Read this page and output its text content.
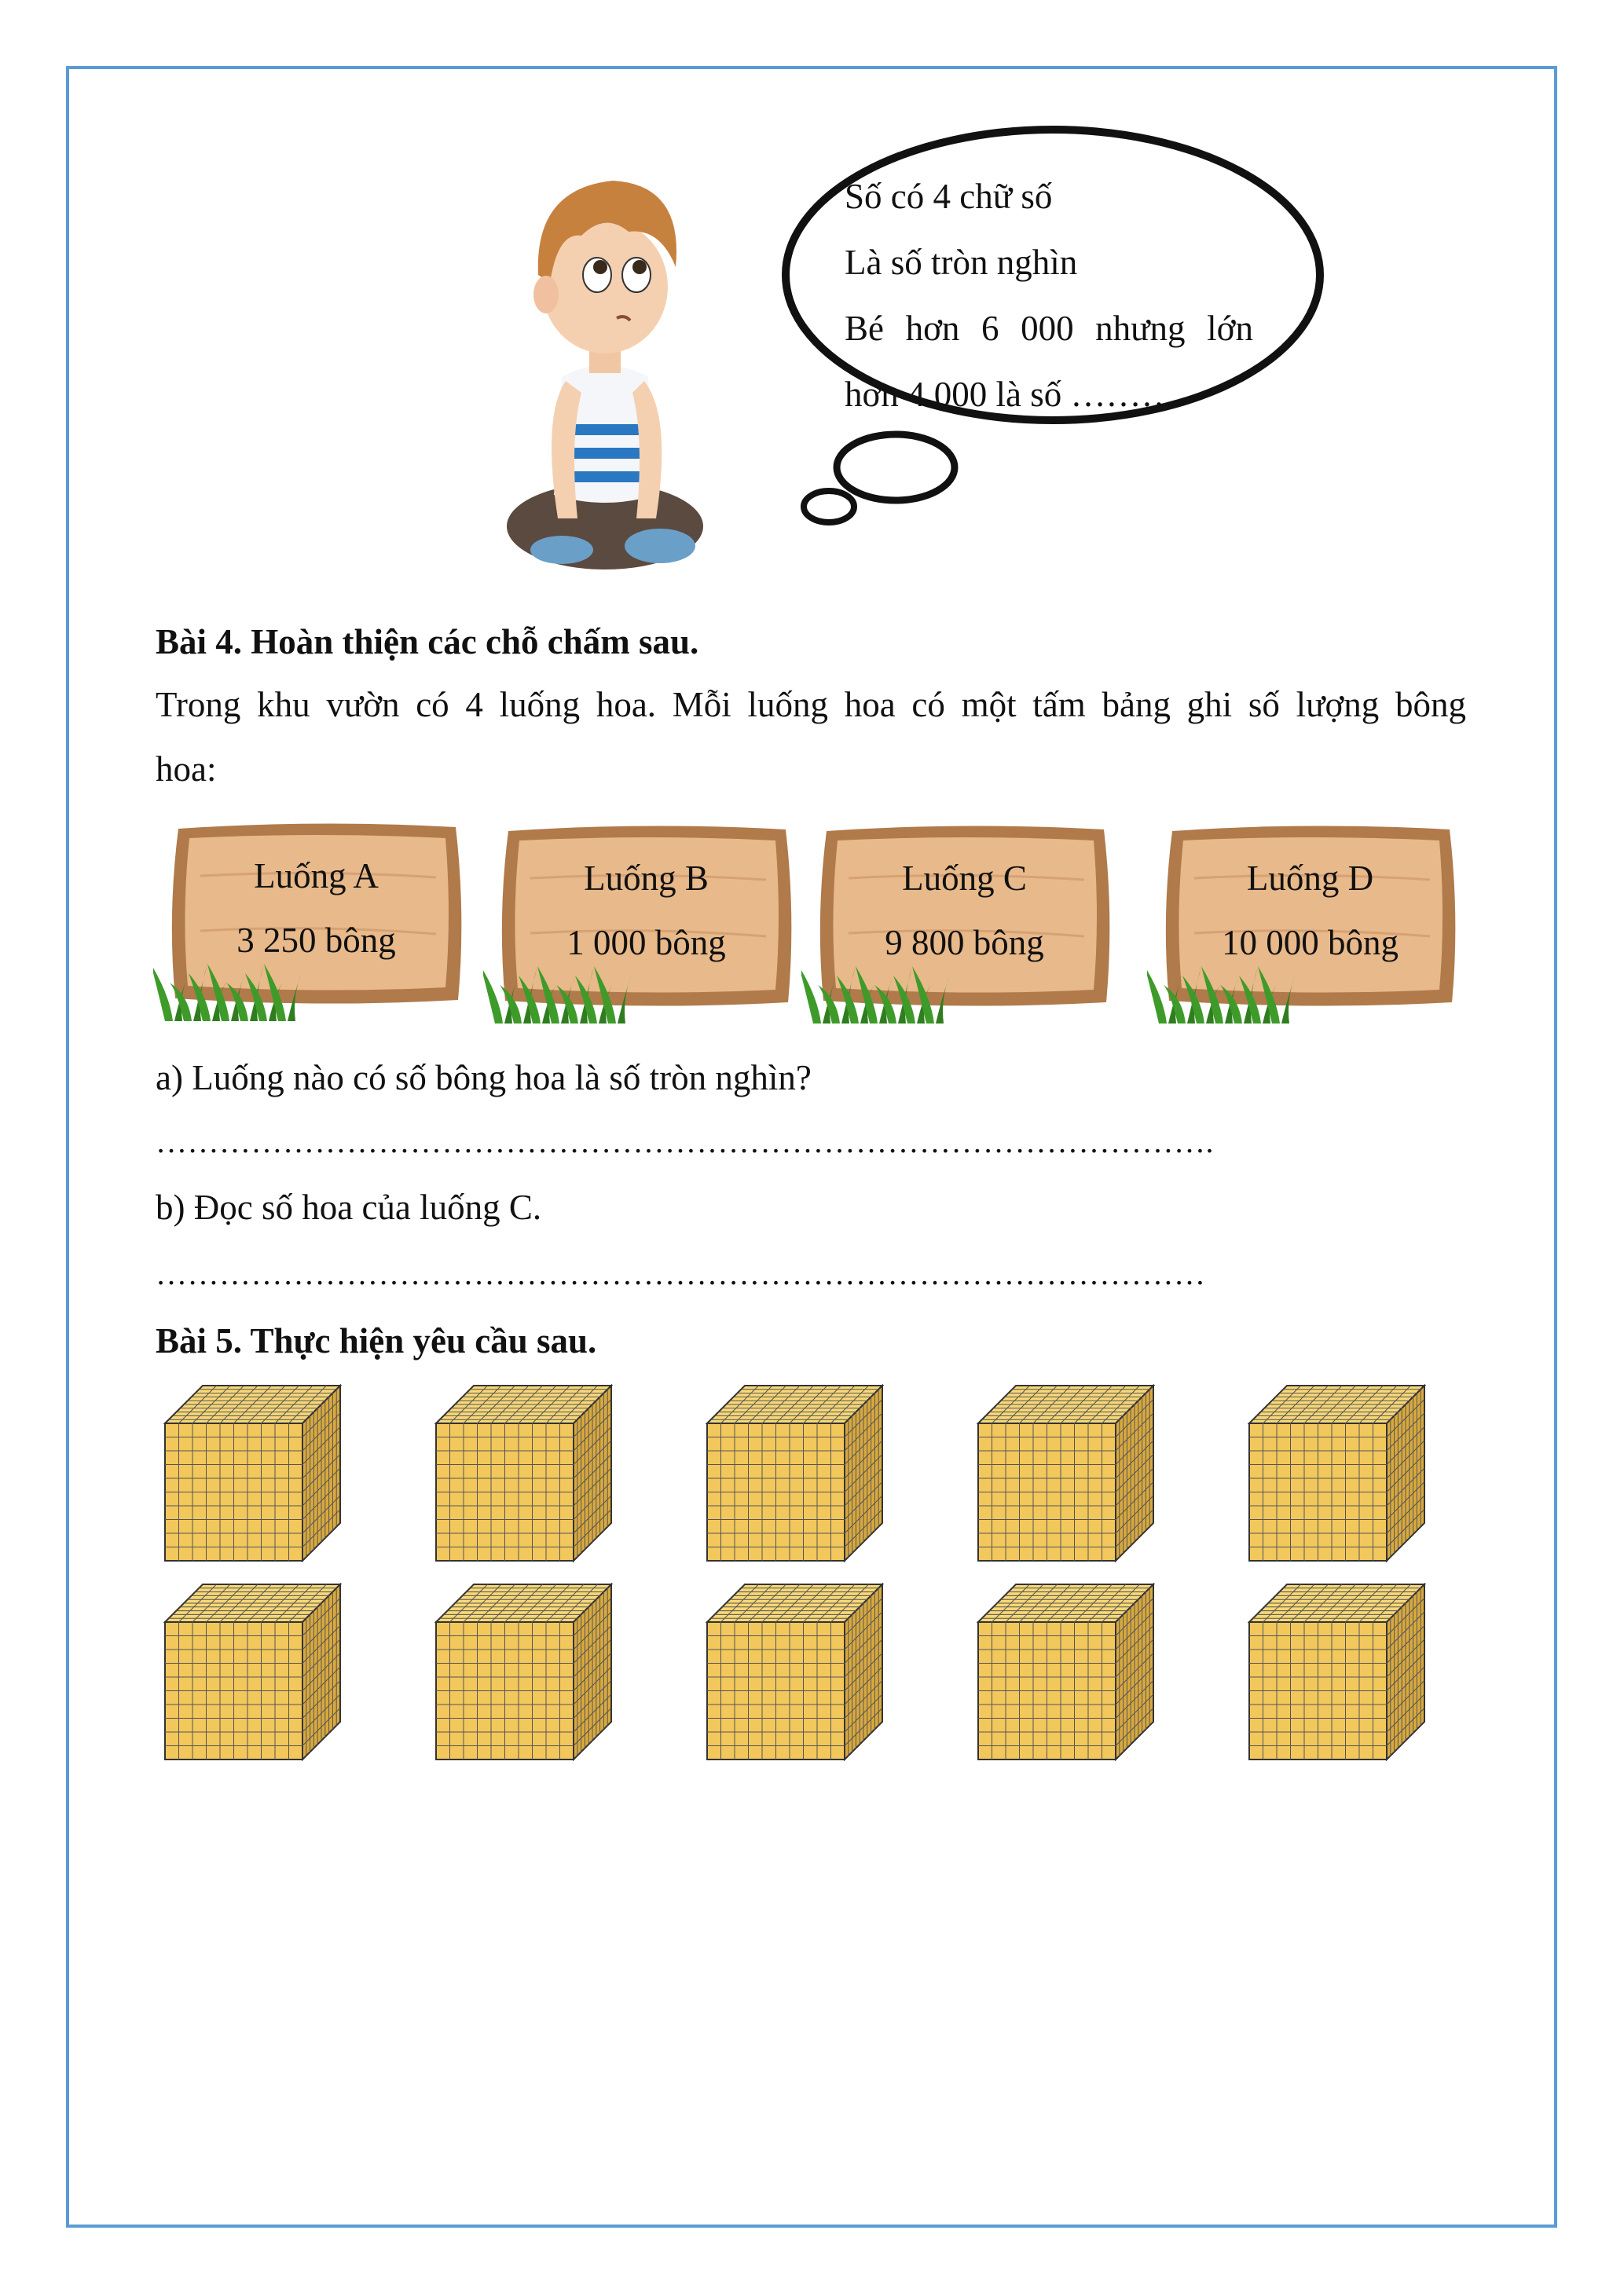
Số có 4 chữ số
Là số tròn nghìn
Bé hơn 6 000 nhưng lớn
hơn 4 000 là số ………
Bài 4. Hoàn thiện các chỗ chấm sau.
Trong khu vườn có 4 luống hoa. Mỗi luống hoa có một tấm bảng ghi số lượng bông
hoa:
Luống A
3 250 bông
Luống B
1 000 bông
Luống C
9 800 bông
Luống D
10 000 bông
a) Luống nào có số bông hoa là số tròn nghìn?
……………………………………………………………………………………….
b) Đọc số hoa của luống C.
………………………………………………………………………………………
Bài 5. Thực hiện yêu cầu sau.
